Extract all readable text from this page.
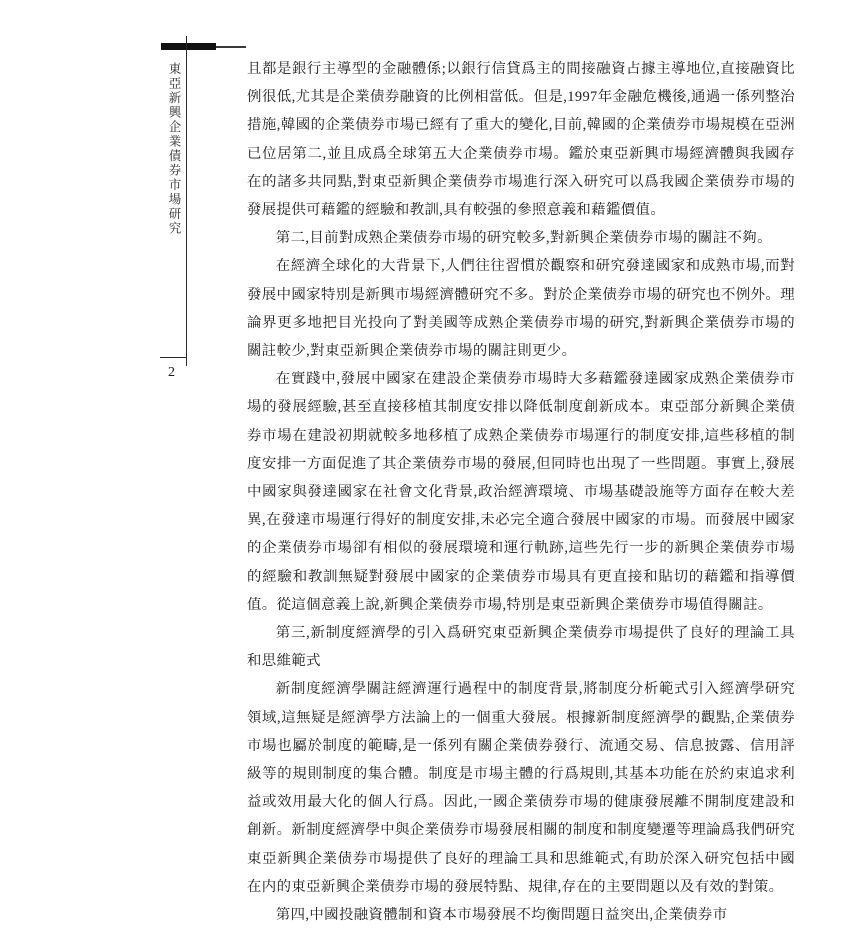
東亞新興企業債券市場研究
2

且都是銀行主導型的金融體係;以銀行信貸爲主的間接融資占據主導地位,直接融資比例很低,尤其是企業债券融資的比例相當低。但是,1997年金融危機後,通過一係列整治措施,韓國的企業债券市場已經有了重大的變化,目前,韓國的企業债券市場規模在亞洲已位居第二,並且成爲全球第五大企業债券市場。鑑於東亞新興市場經濟體與我國存在的諸多共同點,對東亞新興企業债券市場進行深入研究可以爲我國企業债券市場的發展提供可藉鑑的經驗和教訓,具有較强的參照意義和藉鑑價值。

第二,目前對成熟企業债券市場的研究較多,對新興企業债券市場的關註不夠。

在經濟全球化的大背景下,人們往往習慣於觀察和研究發達國家和成熟市場,而對發展中國家特別是新興市場經濟體研究不多。對於企業债券市場的研究也不例外。理論界更多地把目光投向了對美國等成熟企業债券市場的研究,對新興企業债券市場的關註較少,對東亞新興企業债券市場的關註則更少。

在實踐中,發展中國家在建設企業债券市場時大多藉鑑發達國家成熟企業债券市場的發展經驗,甚至直接移植其制度安排以降低制度創新成本。東亞部分新興企業债券市場在建設初期就較多地移植了成熟企業债券市場運行的制度安排,這些移植的制度安排一方面促進了其企業债券市場的發展,但同時也出現了一些問題。事實上,發展中國家與發達國家在社會文化背景,政治經濟環境、市場基礎設施等方面存在較大差異,在發達市場運行得好的制度安排,未必完全適合發展中國家的市場。而發展中國家的企業债券市場卻有相似的發展環境和運行軌跡,這些先行一步的新興企業债券市場的經驗和教訓無疑對發展中國家的企業债券市場具有更直接和貼切的藉鑑和指導價值。從這個意義上說,新興企業债券市場,特別是東亞新興企業债券市場值得關註。

第三,新制度經濟學的引入爲研究東亞新興企業债券市場提供了良好的理論工具和思維範式

新制度經濟學關註經濟運行過程中的制度背景,將制度分析範式引入經濟學研究領域,這無疑是經濟學方法論上的一個重大發展。根據新制度經濟學的觀點,企業债券市場也屬於制度的範疇,是一係列有關企業债券發行、流通交易、信息披露、信用評級等的規則制度的集合體。制度是市場主體的行爲規則,其基本功能在於約束追求利益或效用最大化的個人行爲。因此,一國企業债券市場的健康發展離不開制度建設和創新。新制度經濟學中與企業债券市場發展相關的制度和制度變遷等理論爲我們研究東亞新興企業债券市場提供了良好的理論工具和思維範式,有助於深入研究包括中國在内的東亞新興企業债券市場的發展特點、規律,存在的主要問題以及有效的對策。

第四,中國投融資體制和資本市場發展不均衡問題日益突出,企業债券市
